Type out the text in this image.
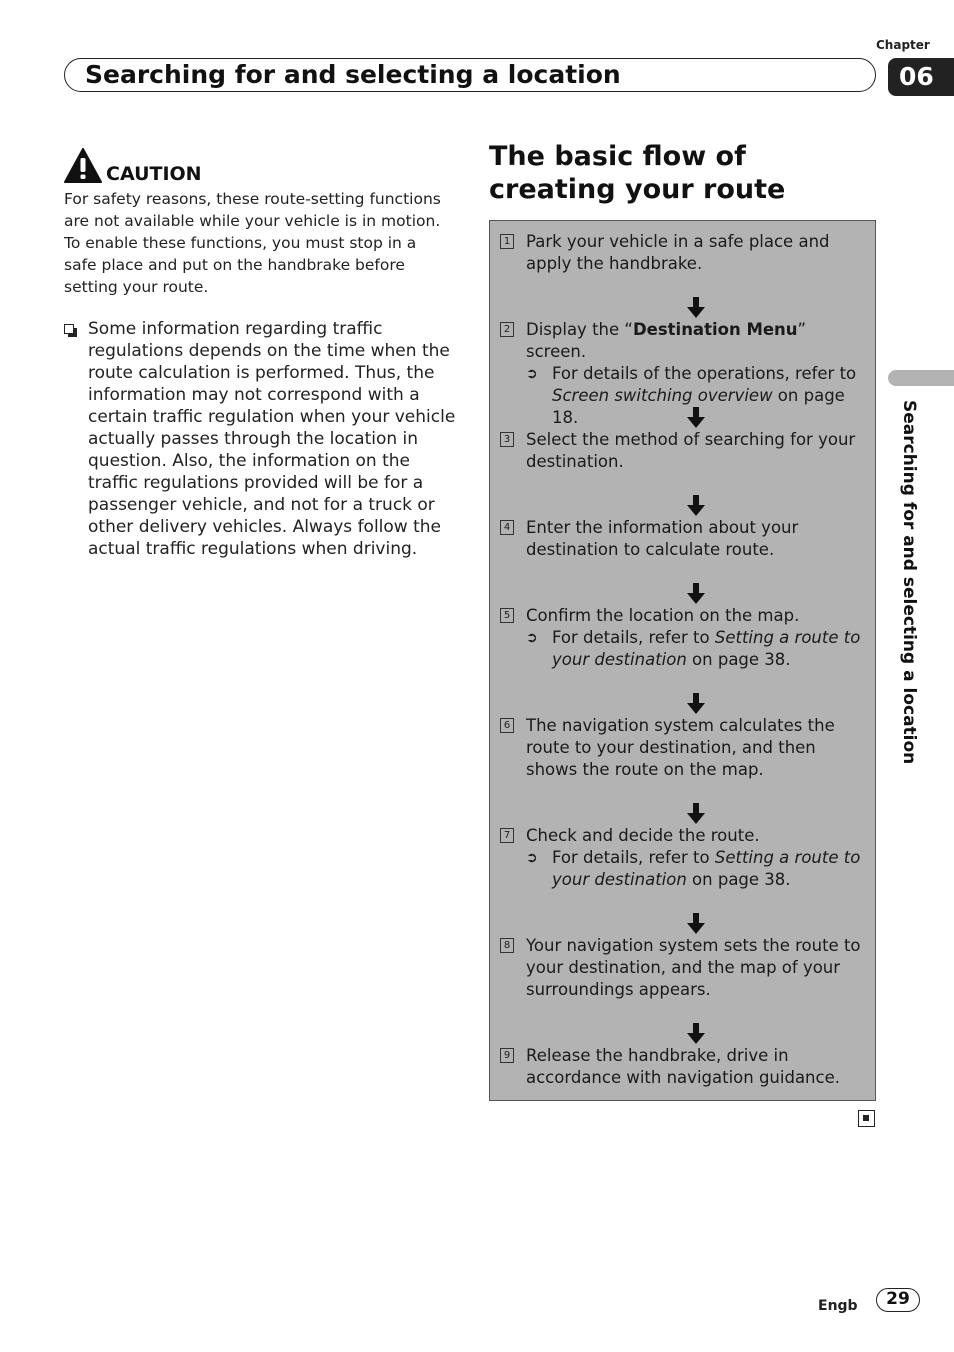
Chapter
06
Searching for and selecting a location
Searching for and selecting a location
CAUTION

For safety reasons, these route-setting functions are not available while your vehicle is in motion. To enable these functions, you must stop in a safe place and put on the handbrake before setting your route.

Some information regarding traffic regulations depends on the time when the route calculation is performed. Thus, the information may not correspond with a certain traffic regulation when your vehicle actually passes through the location in question. Also, the information on the traffic regulations provided will be for a passenger vehicle, and not for a truck or other delivery vehicles. Always follow the actual traffic regulations when driving.

The basic flow of creating your route
1 Park your vehicle in a safe place and apply the handbrake.

2 Display the “Destination Menu” screen.

➲ For details of the operations, refer to Screen switching overview on page 18.

3 Select the method of searching for your destination.

4 Enter the information about your destination to calculate route.

5 Confirm the location on the map.

➲ For details, refer to Setting a route to your destination on page 38.

6 The navigation system calculates the route to your destination, and then shows the route on the map.

7 Check and decide the route.

➲ For details, refer to Setting a route to your destination on page 38.

8 Your navigation system sets the route to your destination, and the map of your surroundings appears.

9 Release the handbrake, drive in accordance with navigation guidance.

Engb	29
